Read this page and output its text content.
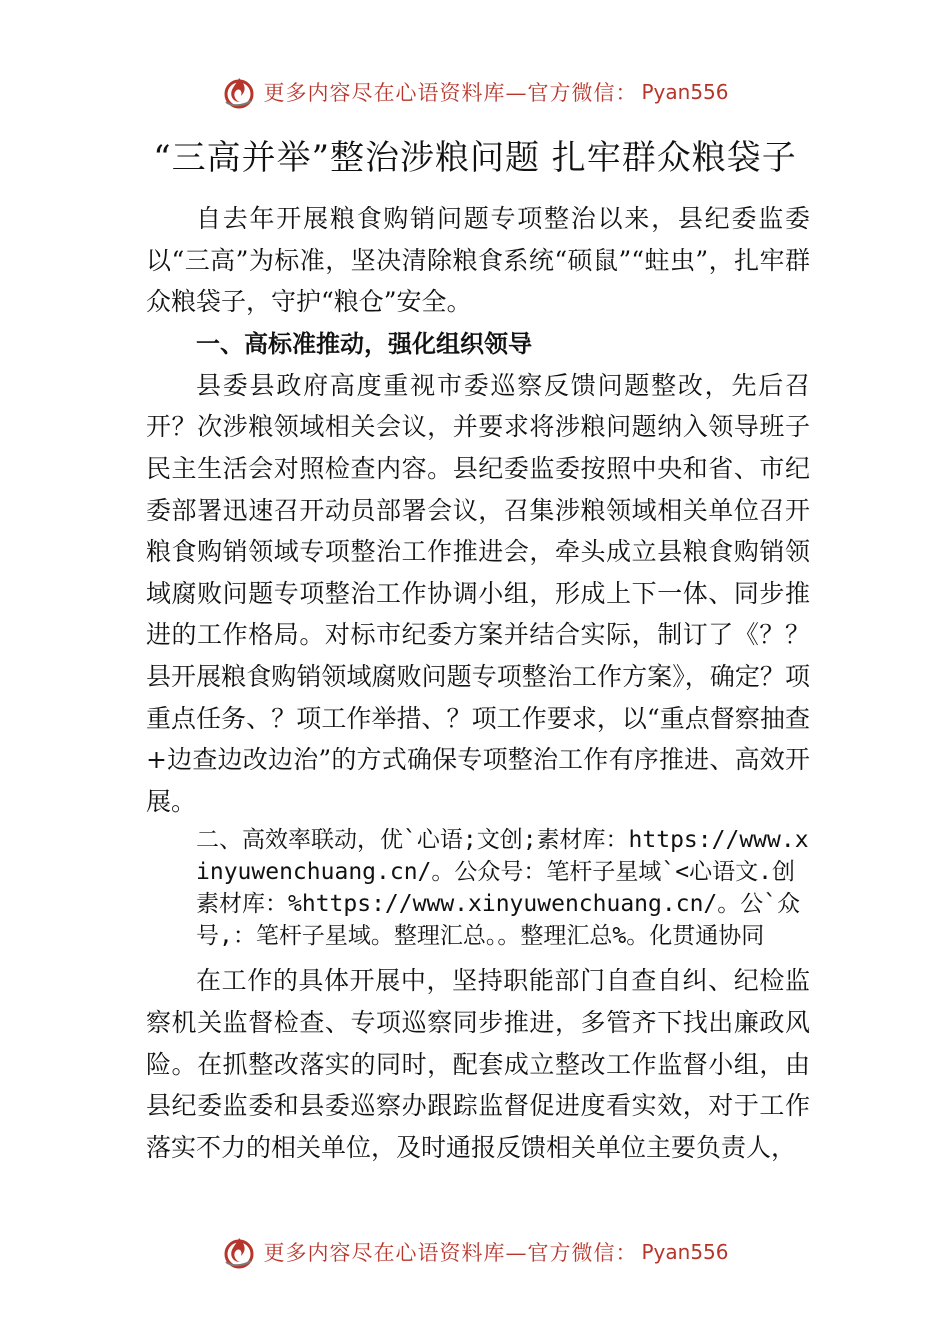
更多内容尽在心语资料库—官方微信： Pyan556
“三高并举”整治涉粮问题 扎牢群众粮袋子

自去年开展粮食购销问题专项整治以来，县纪委监委以“三高”为标准，坚决清除粮食系统“硕鼠”“蛀虫”，扎牢群众粮袋子，守护“粮仓”安全。

一、高标准推动，强化组织领导

县委县政府高度重视市委巡察反馈问题整改，先后召开？次涉粮领域相关会议，并要求将涉粮问题纳入领导班子民主生活会对照检查内容。县纪委监委按照中央和省、市纪委部署迅速召开动员部署会议，召集涉粮领域相关单位召开粮食购销领域专项整治工作推进会，牵头成立县粮食购销领域腐败问题专项整治工作协调小组，形成上下一体、同步推进的工作格局。对标市纪委方案并结合实际，制订了《？？县开展粮食购销领域腐败问题专项整治工作方案》，确定？项重点任务、？项工作举措、？项工作要求，以“重点督察抽查+边查边改边治”的方式确保专项整治工作有序推进、高效开展。

二、高效率联动，优`心语;文创;素材库：https://www.xinyuwenchuang.cn/。公众号：笔杆子星域`<心语文.创素材库：%https://www.xinyuwenchuang.cn/。公`众号,：笔杆子星域。整理汇总。。整理汇总%。化贯通协同

在工作的具体开展中，坚持职能部门自查自纠、纪检监察机关监督检查、专项巡察同步推进，多管齐下找出廉政风险。在抓整改落实的同时，配套成立整改工作监督小组，由县纪委监委和县委巡察办跟踪监督促进度看实效，对于工作落实不力的相关单位，及时通报反馈相关单位主要负责人，

更多内容尽在心语资料库—官方微信： Pyan556
